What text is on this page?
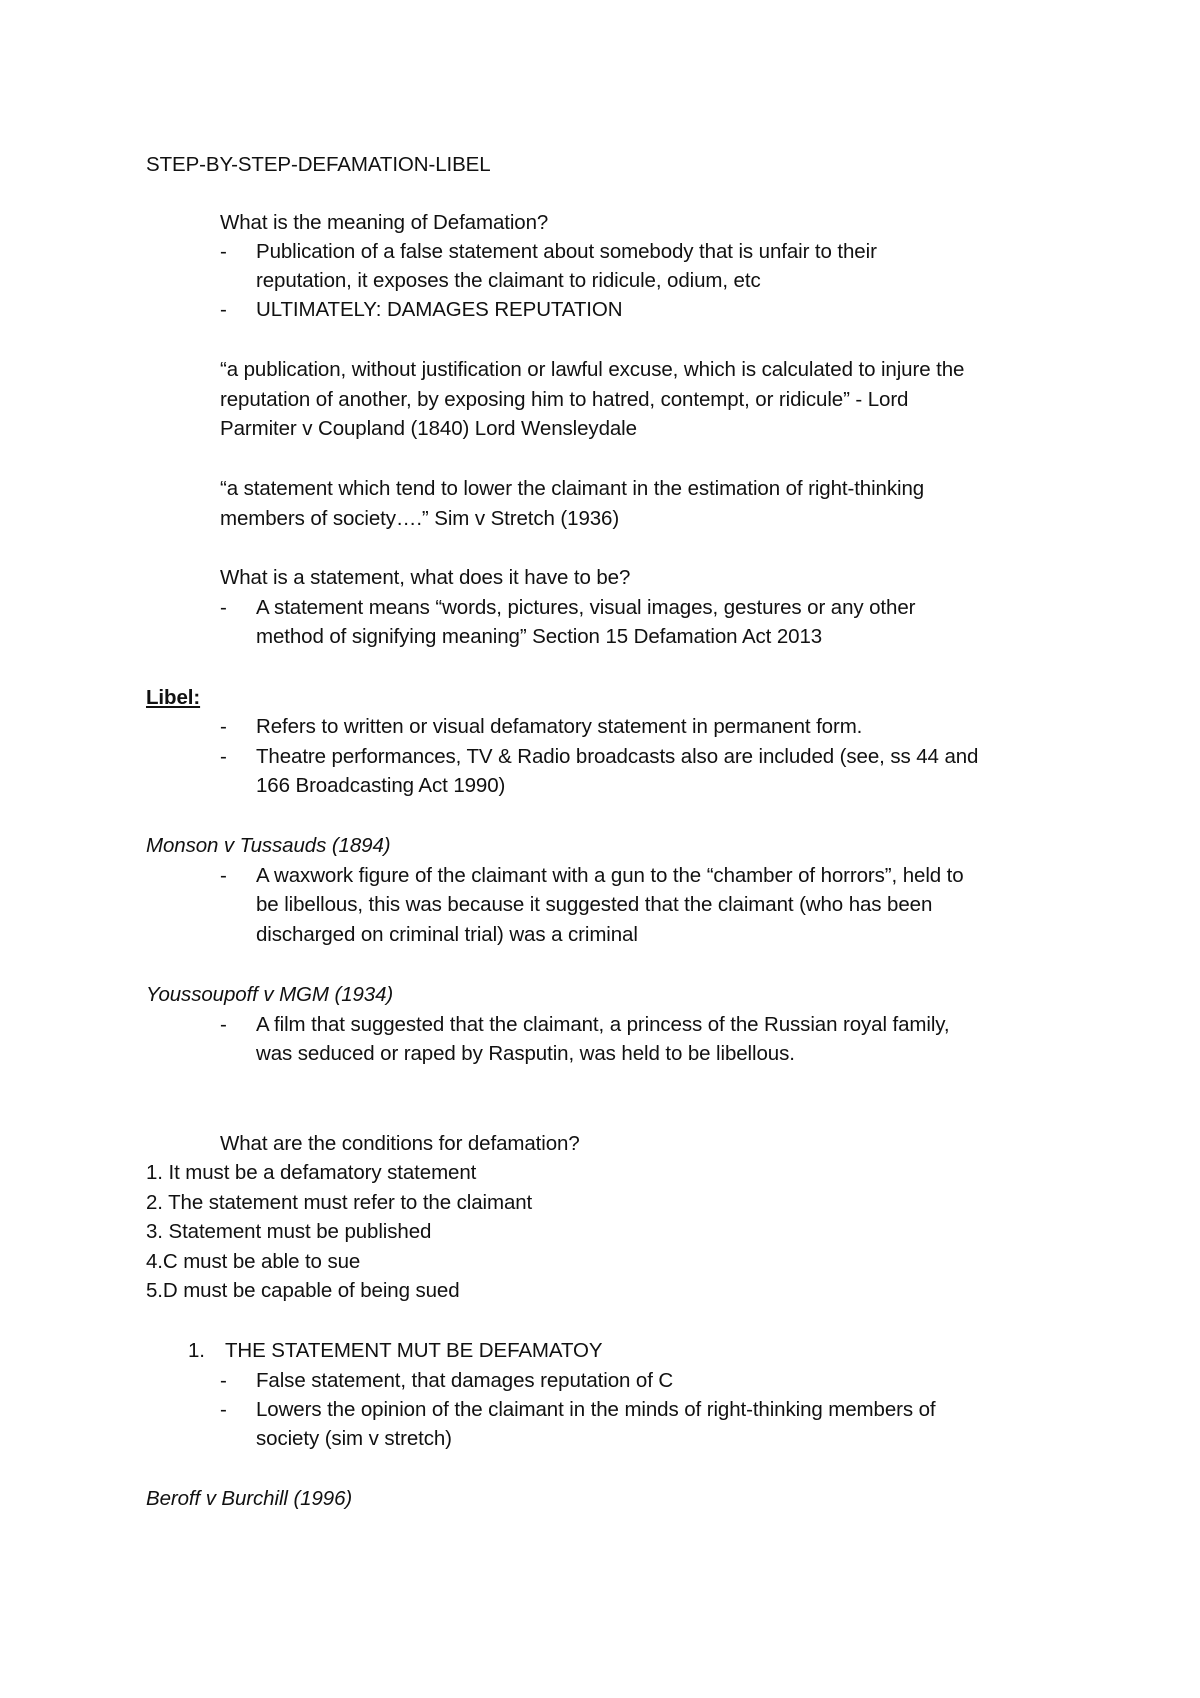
STEP-BY-STEP-DEFAMATION-LIBEL
What is the meaning of Defamation?
- Publication of a false statement about somebody that is unfair to their
reputation, it exposes the claimant to ridicule, odium, etc
- ULTIMATELY: DAMAGES REPUTATION
“a publication, without justification or lawful excuse, which is calculated to injure the
reputation of another, by exposing him to hatred, contempt, or ridicule” - Lord
Parmiter v Coupland (1840) Lord Wensleydale
“a statement which tend to lower the claimant in the estimation of right-thinking
members of society….” Sim v Stretch (1936)
What is a statement, what does it have to be?
- A statement means “words, pictures, visual images, gestures or any other
method of signifying meaning” Section 15 Defamation Act 2013
Libel:
- Refers to written or visual defamatory statement in permanent form.
- Theatre performances, TV & Radio broadcasts also are included (see, ss 44 and
166 Broadcasting Act 1990)
Monson v Tussauds (1894)
- A waxwork figure of the claimant with a gun to the “chamber of horrors”, held to
be libellous, this was because it suggested that the claimant (who has been
discharged on criminal trial) was a criminal
Youssoupoff v MGM (1934)
- A film that suggested that the claimant, a princess of the Russian royal family,
was seduced or raped by Rasputin, was held to be libellous.
What are the conditions for defamation?
1. It must be a defamatory statement
2. The statement must refer to the claimant
3. Statement must be published
4.C must be able to sue
5.D must be capable of being sued
1. THE STATEMENT MUT BE DEFAMATOY
- False statement, that damages reputation of C
- Lowers the opinion of the claimant in the minds of right-thinking members of
society (sim v stretch)
Beroff v Burchill (1996)
